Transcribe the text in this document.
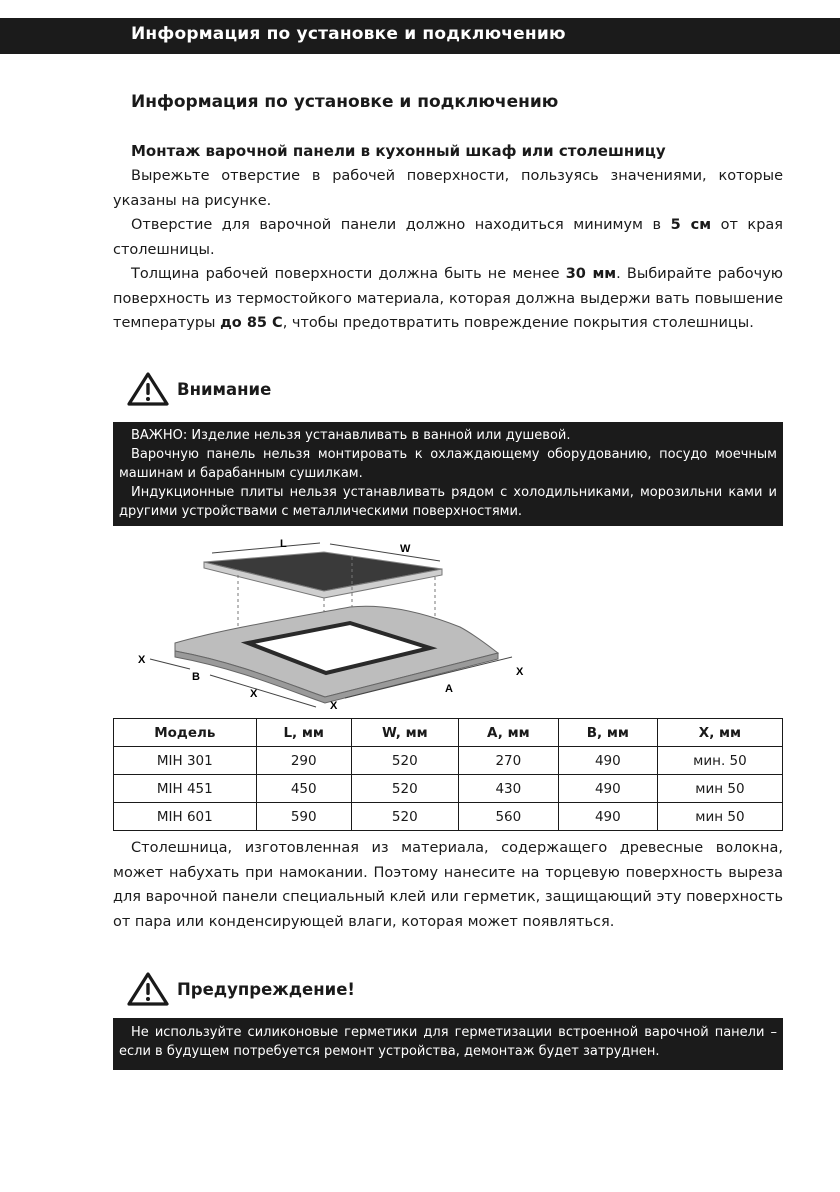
Информация по установке и подключению
Информация по установке и подключению
Монтаж варочной панели в кухонный шкаф или столешницу

Вырежьте отверстие в рабочей поверхности, пользуясь значениями, которые указаны на рисунке.

Отверстие для варочной панели должно находиться минимум в 5 см от края столешницы.

Толщина рабочей поверхности должна быть не менее 30 мм. Выбирайте рабочую поверхность из термостойкого материала, которая должна выдержи вать повышение температуры до 85 С, чтобы предотвратить повреждение покрытия столешницы.

Внимание

ВАЖНО: Изделие нельзя устанавливать в ванной или душевой.

Варочную панель нельзя монтировать к охлаждающему оборудованию, посудо моечным машинам и барабанным сушилкам.

Индукционные плиты нельзя устанавливать рядом с холодильниками, морозильни ками и другими устройствами с металлическими поверхностями.

L	W
X
B
X
X
A
X
Модель	L, мм	W, мм	A, мм	B, мм	X, мм
MIH 301	290	520	270	490	мин. 50
MIH 451	450	520	430	490	мин 50
MIH 601	590	520	560	490	мин 50

Столешница, изготовленная из материала, содержащего древесные волокна, может набухать при намокании. Поэтому нанесите на торцевую поверхность выреза для варочной панели специальный клей или герметик, защищающий эту поверхность от пара или конденсирующей влаги, которая может появляться.

Предупреждение!

Не используйте силиконовые герметики для герметизации встроенной варочной панели – если в будущем потребуется ремонт устройства, демонтаж будет затруднен.
